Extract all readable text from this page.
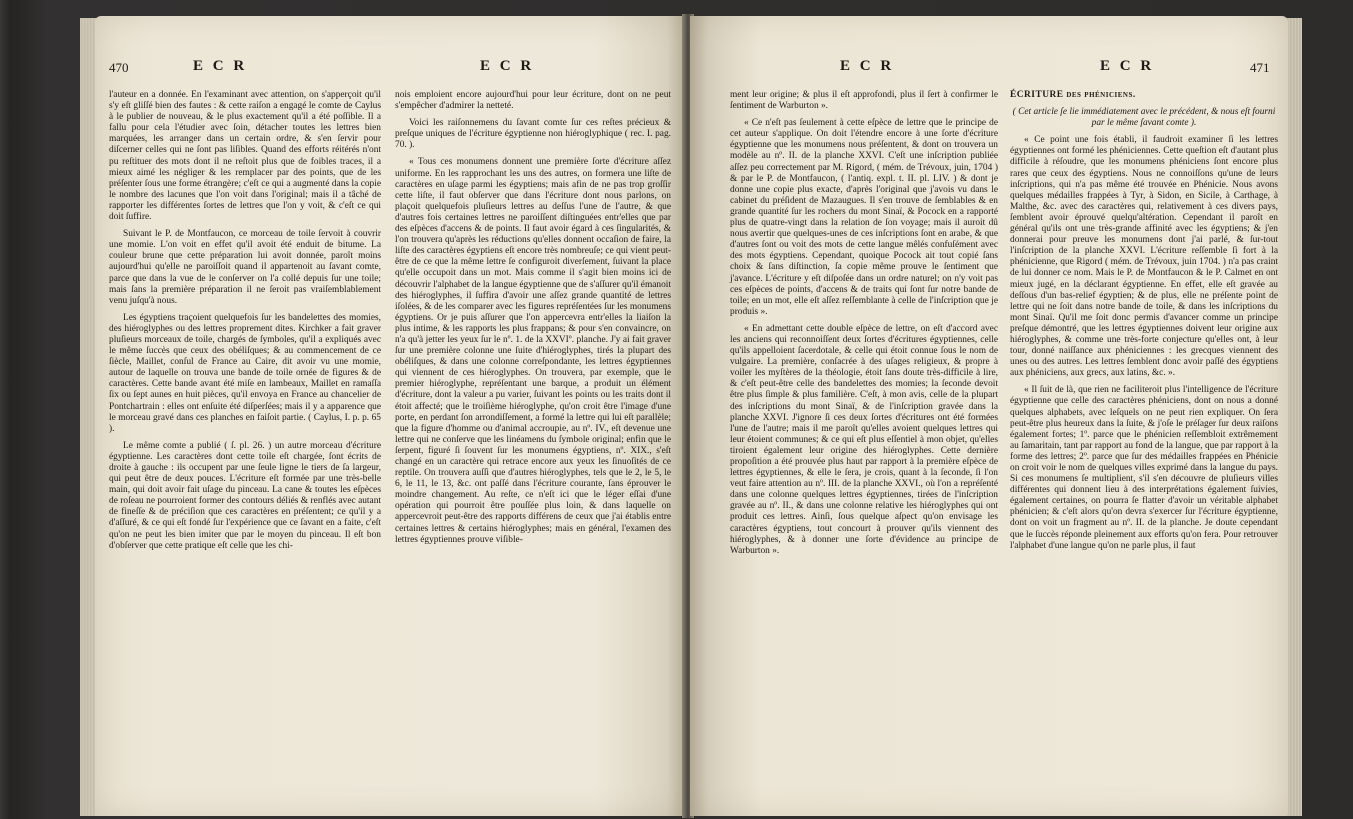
470	E C R	E C R

l'auteur en a donnée. En l'examinant avec attention, on s'apperçoit qu'il s'y eſt gliſſé bien des fautes : & cette raiſon a engagé le comte de Caylus à le publier de nouveau, & le plus exactement qu'il a été poſſible. Il a fallu pour cela l'étudier avec ſoin, détacher toutes les lettres bien marquées, les arranger dans un certain ordre, & s'en ſervir pour diſcerner celles qui ne ſont pas liſibles. Quand des efforts réitérés n'ont pu reſtituer des mots dont il ne reſtoit plus que de foibles traces, il a mieux aimé les négliger & les remplacer par des points, que de les préſenter ſous une forme étrangère; c'eſt ce qui a augmenté dans la copie le nombre des lacunes que l'on voit dans l'original; mais il a tâché de rapporter les différentes ſortes de lettres que l'on y voit, & c'eſt ce qui doit ſuffire.

Suivant le P. de Montfaucon, ce morceau de toile ſervoit à couvrir une momie. L'on voit en effet qu'il avoit été enduit de bitume. La couleur brune que cette préparation lui avoit donnée, paroît moins aujourd'hui qu'elle ne paroiſſoit quand il appartenoit au ſavant comte, parce que dans la vue de le conſerver on l'a collé depuis ſur une toile; mais ſans la première préparation il ne ſeroit pas vraiſemblablement venu juſqu'à nous.

Les égyptiens traçoient quelquefois ſur les bandelettes des momies, des hiéroglyphes ou des lettres proprement dites. Kirchker a fait graver pluſieurs morceaux de toile, chargés de ſymboles, qu'il a expliqués avec le même ſuccès que ceux des obéliſques; & au commencement de ce ſiècle, Maillet, conſul de France au Caire, dit avoir vu une momie, autour de laquelle on trouva une bande de toile ornée de figures & de caractères. Cette bande avant été miſe en lambeaux, Maillet en ramaſſa ſix ou ſept aunes en huit pièces, qu'il envoya en France au chancelier de Pontchartrain : elles ont enſuite été diſperſées; mais il y a apparence que le morceau gravé dans ces planches en faiſoit partie. ( Caylus, I. p. p. 65 ).

Le même comte a publié ( ſ. pl. 26. ) un autre morceau d'écriture égyptienne. Les caractères dont cette toile eſt chargée, ſont écrits de droite à gauche : ils occupent par une ſeule ligne le tiers de ſa largeur, qui peut être de deux pouces. L'écriture eſt formée par une très-belle main, qui doit avoir fait uſage du pinceau. La cane & toutes les eſpèces de roſeau ne pourroient former des contours déliés & renflés avec autant de fineſſe & de préciſion que ces caractères en préſentent; ce qu'il y a d'aſſuré, & ce qui eſt fondé ſur l'expérience que ce ſavant en a faite, c'eſt qu'on ne peut les bien imiter que par le moyen du pinceau. Il eſt bon d'obſerver que cette pratique eſt celle que les chi-

nois emploient encore aujourd'hui pour leur écriture, dont on ne peut s'empêcher d'admirer la netteté.

Voici les raiſonnemens du ſavant comte ſur ces reſtes précieux & preſque uniques de l'écriture égyptienne non hiéroglyphique ( rec. I. pag. 70. ).

« Tous ces monumens donnent une première ſorte d'écriture aſſez uniforme. En les rapprochant les uns des autres, on formera une liſte de caractères en uſage parmi les égyptiens; mais afin de ne pas trop groſſir cette liſte, il faut obſerver que dans l'écriture dont nous parlons, on plaçoit quelquefois pluſieurs lettres au deſſus l'une de l'autre, & que d'autres fois certaines lettres ne paroiſſent diſtinguées entr'elles que par des eſpèces d'accens & de points. Il faut avoir égard à ces ſingularités, & l'on trouvera qu'après les réductions qu'elles donnent occaſion de faire, la liſte des caractères égyptiens eſt encore très nombreuſe; ce qui vient peut-être de ce que la même lettre ſe configuroit diverſement, ſuivant la place qu'elle occupoit dans un mot. Mais comme il s'agit bien moins ici de découvrir l'alphabet de la langue égyptienne que de s'aſſurer qu'il émanoit des hiéroglyphes, il ſuffira d'avoir une aſſez grande quantité de lettres iſolées, & de les comparer avec les figures repréſentées ſur les monumens égyptiens. Or je puis aſſurer que l'on appercevra entr'elles la liaiſon la plus intime, & les rapports les plus frappans; & pour s'en convaincre, on n'a qu'à jetter les yeux ſur le nº. 1. de la XXVIº. planche. J'y ai fait graver ſur une première colonne une ſuite d'hiéroglyphes, tirés la plupart des obéliſques, & dans une colonne correſpondante, les lettres égyptiennes qui viennent de ces hiéroglyphes. On trouvera, par exemple, que le premier hiéroglyphe, repréſentant une barque, a produit un élément d'écriture, dont la valeur a pu varier, ſuivant les points ou les traits dont il étoit affecté; que le troiſième hiéroglyphe, qu'on croit être l'image d'une porte, en perdant ſon arrondiſſement, a formé la lettre qui lui eſt parallèle; que la figure d'homme ou d'animal accroupie, au nº. IV., eſt devenue une lettre qui ne conſerve que les linéamens du ſymbole original; enfin que le ſerpent, figuré ſi ſouvent ſur les monumens égyptiens, nº. XIX., s'eſt changé en un caractère qui retrace encore aux yeux les ſinuoſités de ce reptile. On trouvera auſſi que d'autres hiéroglyphes, tels que le 2, le 5, le 6, le 11, le 13, &c. ont paſſé dans l'écriture courante, ſans éprouver le moindre changement. Au reſte, ce n'eſt ici que le léger eſſai d'une opération qui pourroit être pouſſée plus loin, & dans laquelle on appercevroit peut-être des rapports différens de ceux que j'ai établis entre certaines lettres & certains hiéroglyphes; mais en général, l'examen des lettres égyptiennes prouve viſible-

E C R	E C R	471

ment leur origine; & plus il eſt approfondi, plus il ſert à confirmer le ſentiment de Warburton ».

« Ce n'eſt pas ſeulement à cette eſpèce de lettre que le principe de cet auteur s'applique. On doit l'étendre encore à une ſorte d'écriture égyptienne que les monumens nous préſentent, & dont on trouvera un modèle au nº. II. de la planche XXVI. C'eſt une inſcription publiée aſſez peu correctement par M. Rigord, ( mém. de Trévoux, juin, 1704 ) & par le P. de Montfaucon, ( l'antiq. expl. t. II. pl. LIV. ) & dont je donne une copie plus exacte, d'après l'original que j'avois vu dans le cabinet du préſident de Mazaugues. Il s'en trouve de ſemblables & en grande quantité ſur les rochers du mont Sinaï, & Pocock en a rapporté plus de quatre-vingt dans la relation de ſon voyage; mais il auroit dû nous avertir que quelques-unes de ces inſcriptions ſont en arabe, & que d'autres ſont ou voit des mots de cette langue mêlés confuſément avec des mots égyptiens. Cependant, quoique Pocock ait tout copié ſans choix & ſans diſtinction, ſa copie même prouve le ſentiment que j'avance. L'écriture y eſt diſpoſée dans un ordre naturel; on n'y voit pas ces eſpèces de points, d'accens & de traits qui ſont ſur notre bande de toile; en un mot, elle eſt aſſez reſſemblante à celle de l'inſcription que je produis ».

« En admettant cette double eſpèce de lettre, on eſt d'accord avec les anciens qui reconnoiſſent deux ſortes d'écritures égyptiennes, celle qu'ils appelloient ſacerdotale, & celle qui étoit connue ſous le nom de vulgaire. La première, conſacrée à des uſages religieux, & propre à voiler les myſtères de la théologie, étoit ſans doute très-difficile à lire, & c'eſt peut-être celle des bandelettes des momies; la ſeconde devoit être plus ſimple & plus familière. C'eſt, à mon avis, celle de la plupart des inſcriptions du mont Sinaï, & de l'inſcription gravée dans la planche XXVI. J'ignore ſi ces deux ſortes d'écritures ont été formées l'une de l'autre; mais il me paroît qu'elles avoient quelques lettres qui leur étoient communes; & ce qui eſt plus eſſentiel à mon objet, qu'elles tiroient également leur origine des hiéroglyphes. Cette dernière propoſition a été prouvée plus haut par rapport à la première eſpèce de lettres égyptiennes, & elle le ſera, je crois, quant à la ſeconde, ſi l'on veut faire attention au nº. III. de la planche XXVI., où l'on a repréſenté dans une colonne quelques lettres égyptiennes, tirées de l'inſcription gravée au nº. II., & dans une colonne relative les hiéroglyphes qui ont produit ces lettres. Ainſi, ſous quelque aſpect qu'on envisage les caractères égyptiens, tout concourt à prouver qu'ils viennent des hiéroglyphes, & à donner une ſorte d'évidence au principe de Warburton ».

ÉCRITURE des phéniciens.

( Cet article ſe lie immédiatement avec le précédent, & nous eſt fourni par le même ſavant comte ).

« Ce point une fois établi, il faudroit examiner ſi les lettres égyptiennes ont formé les phéniciennes. Cette queſtion eſt d'autant plus difficile à réſoudre, que les monumens phéniciens ſont encore plus rares que ceux des égyptiens. Nous ne connoiſſons qu'une de leurs inſcriptions, qui n'a pas même été trouvée en Phénicie. Nous avons quelques médailles frappées à Tyr, à Sidon, en Sicile, à Carthage, à Malthe, &c. avec des caractères qui, relativement à ces divers pays, ſemblent avoir éprouvé quelqu'altération. Cependant il paroît en général qu'ils ont une très-grande affinité avec les égyptiens; & j'en donnerai pour preuve les monumens dont j'ai parlé, & ſur-tout l'inſcription de la planche XXVI. L'écriture reſſemble ſi fort à la phénicienne, que Rigord ( mém. de Trévoux, juin 1704. ) n'a pas craint de lui donner ce nom. Mais le P. de Montfaucon & le P. Calmet en ont mieux jugé, en la déclarant égyptienne. En effet, elle eſt gravée au deſſous d'un bas-relief égyptien; & de plus, elle ne préſente point de lettre qui ne ſoit dans notre bande de toile, & dans les inſcriptions du mont Sinaï. Qu'il me ſoit donc permis d'avancer comme un principe preſque démontré, que les lettres égyptiennes doivent leur origine aux hiéroglyphes, & comme une très-forte conjecture qu'elles ont, à leur tour, donné naiſſance aux phéniciennes : les grecques viennent des unes ou des autres. Les lettres ſemblent donc avoir paſſé des égyptiens aux phéniciens, aux grecs, aux latins, &c. ».

« Il ſuit de là, que rien ne faciliteroit plus l'intelligence de l'écriture égyptienne que celle des caractères phéniciens, dont on nous a donné quelques alphabets, avec leſquels on ne peut rien expliquer. On ſera peut-être plus heureux dans la ſuite, & j'oſe le préſager ſur deux raiſons également fortes; 1º. parce que le phénicien reſſembloit extrêmement au ſamaritain, tant par rapport au fond de la langue, que par rapport à la forme des lettres; 2º. parce que ſur des médailles frappées en Phénicie on croit voir le nom de quelques villes exprimé dans la langue du pays. Si ces monumens ſe multiplient, s'il s'en découvre de pluſieurs villes différentes qui donnent lieu à des interprétations également ſuivies, également certaines, on pourra ſe flatter d'avoir un véritable alphabet phénicien; & c'eſt alors qu'on devra s'exercer ſur l'écriture égyptienne, dont on voit un fragment au nº. II. de la planche. Je doute cependant que le ſuccès réponde pleinement aux efforts qu'on fera. Pour retrouver l'alphabet d'une langue qu'on ne parle plus, il faut
